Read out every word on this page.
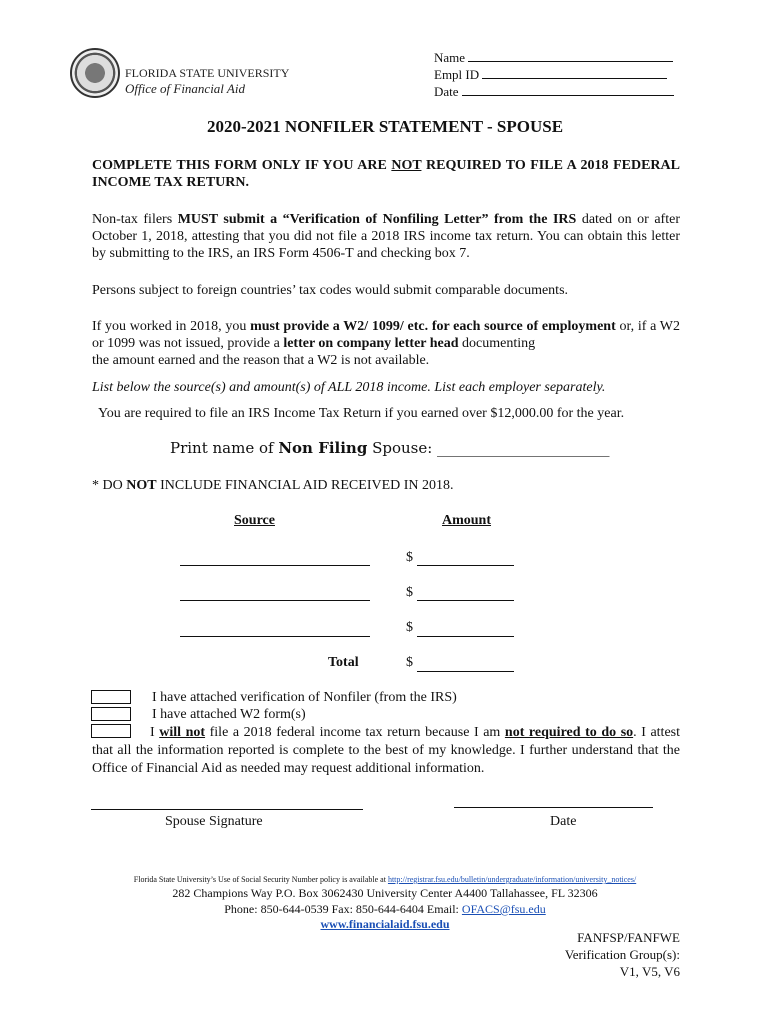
FLORIDA STATE UNIVERSITY
Office of Financial Aid
Name
Empl ID
Date
2020-2021 NONFILER STATEMENT - SPOUSE
COMPLETE THIS FORM ONLY IF YOU ARE NOT REQUIRED TO FILE A 2018 FEDERAL INCOME TAX RETURN.
Non-tax filers MUST submit a “Verification of Nonfiling Letter” from the IRS dated on or after October 1, 2018, attesting that you did not file a 2018 IRS income tax return. You can obtain this letter by submitting to the IRS, an IRS Form 4506-T and checking box 7.
Persons subject to foreign countries’ tax codes would submit comparable documents.
If you worked in 2018, you must provide a W2/ 1099/ etc. for each source of employment or, if a W2 or 1099 was not issued, provide a letter on company letter head documenting
the amount earned and the reason that a W2 is not available.
List below the source(s) and amount(s) of ALL 2018 income. List each employer separately.
You are required to file an IRS Income Tax Return if you earned over $12,000.00 for the year.
Print name of Non Filing Spouse: _______________________
* DO NOT INCLUDE FINANCIAL AID RECEIVED IN 2018.
Source	Amount
$
$
$
Total	$
I have attached verification of Nonfiler (from the IRS)
I have attached W2 form(s)
I will not file a 2018 federal income tax return because I am not required to do so. I attest that all the information reported is complete to the best of my knowledge. I further understand that the Office of Financial Aid as needed may request additional information.
Spouse Signature	Date
Florida State University’s Use of Social Security Number policy is available at http://registrar.fsu.edu/bulletin/undergraduate/information/university_notices/
282 Champions Way P.O. Box 3062430 University Center A4400 Tallahassee, FL 32306
Phone: 850-644-0539 Fax: 850-644-6404 Email: OFACS@fsu.edu
www.financialaid.fsu.edu
FANFSP/FANFWE
Verification Group(s):
V1, V5, V6
